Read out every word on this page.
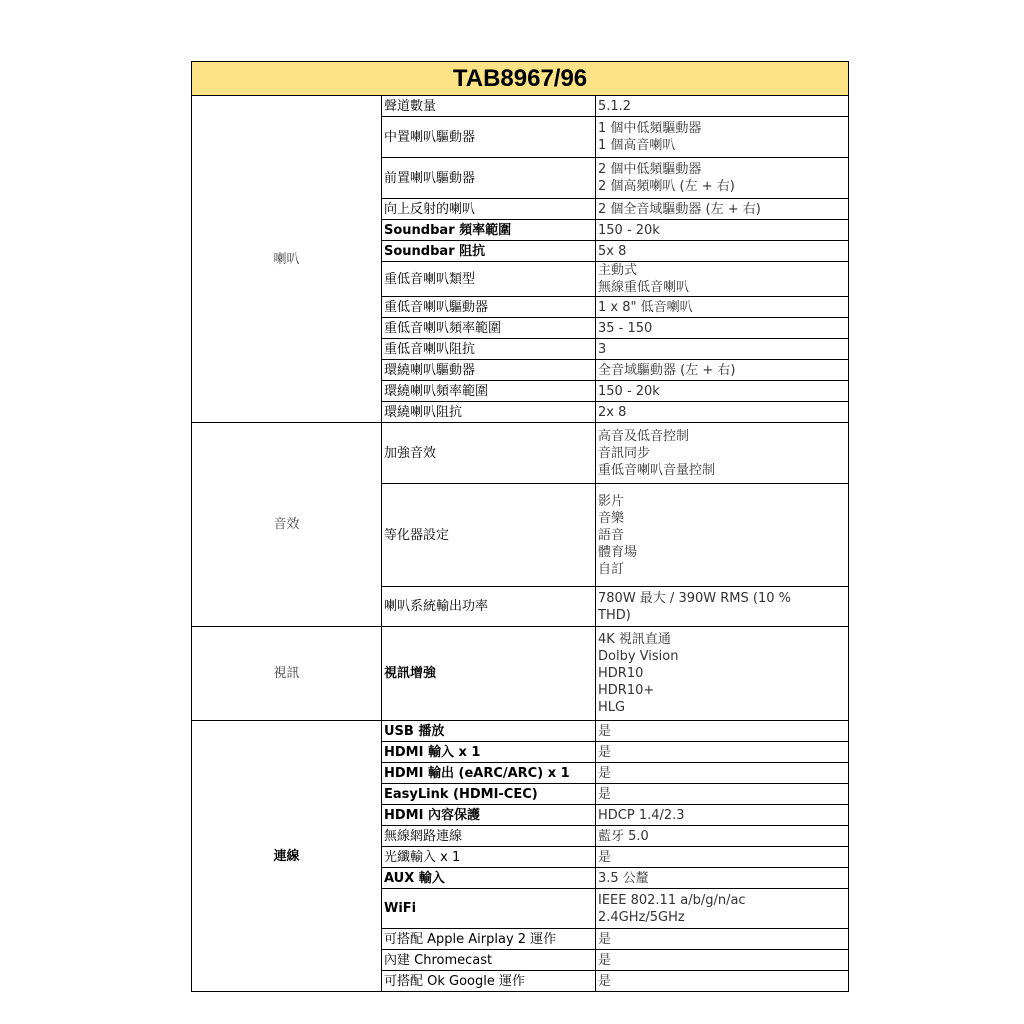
TAB8967/96		
喇叭	聲道數量	5.1.2
	中置喇叭驅動器	1 個中低頻驅動器
1 個高音喇叭
	前置喇叭驅動器	2 個中低頻驅動器
2 個高頻喇叭 (左 + 右)
	向上反射的喇叭	2 個全音域驅動器 (左 + 右)
	Soundbar 頻率範圍	150 - 20k
	Soundbar 阻抗	5x 8
	重低音喇叭類型	主動式
無線重低音喇叭
	重低音喇叭驅動器	1 x 8" 低音喇叭
	重低音喇叭頻率範圍	35 - 150
	重低音喇叭阻抗	3
	環繞喇叭驅動器	全音域驅動器 (左 + 右)
	環繞喇叭頻率範圍	150 - 20k
	環繞喇叭阻抗	2x 8
音效	加強音效	高音及低音控制
音訊同步
重低音喇叭音量控制
	等化器設定	影片
音樂
語音
體育場
自訂
	喇叭系統輸出功率	780W 最大 / 390W RMS (10 %
THD)
視訊	視訊增強	4K 視訊直通
Dolby Vision
HDR10
HDR10+
HLG
連線	USB 播放	是
	HDMI 輸入 x 1	是
	HDMI 輸出 (eARC/ARC) x 1	是
	EasyLink (HDMI-CEC)	是
	HDMI 內容保護	HDCP 1.4/2.3
	無線網路連線	藍牙 5.0
	光纖輸入 x 1	是
	AUX 輸入	3.5 公釐
	WiFi	IEEE 802.11 a/b/g/n/ac
2.4GHz/5GHz
	可搭配 Apple Airplay 2 運作	是
	內建 Chromecast	是
	可搭配 Ok Google 運作	是
